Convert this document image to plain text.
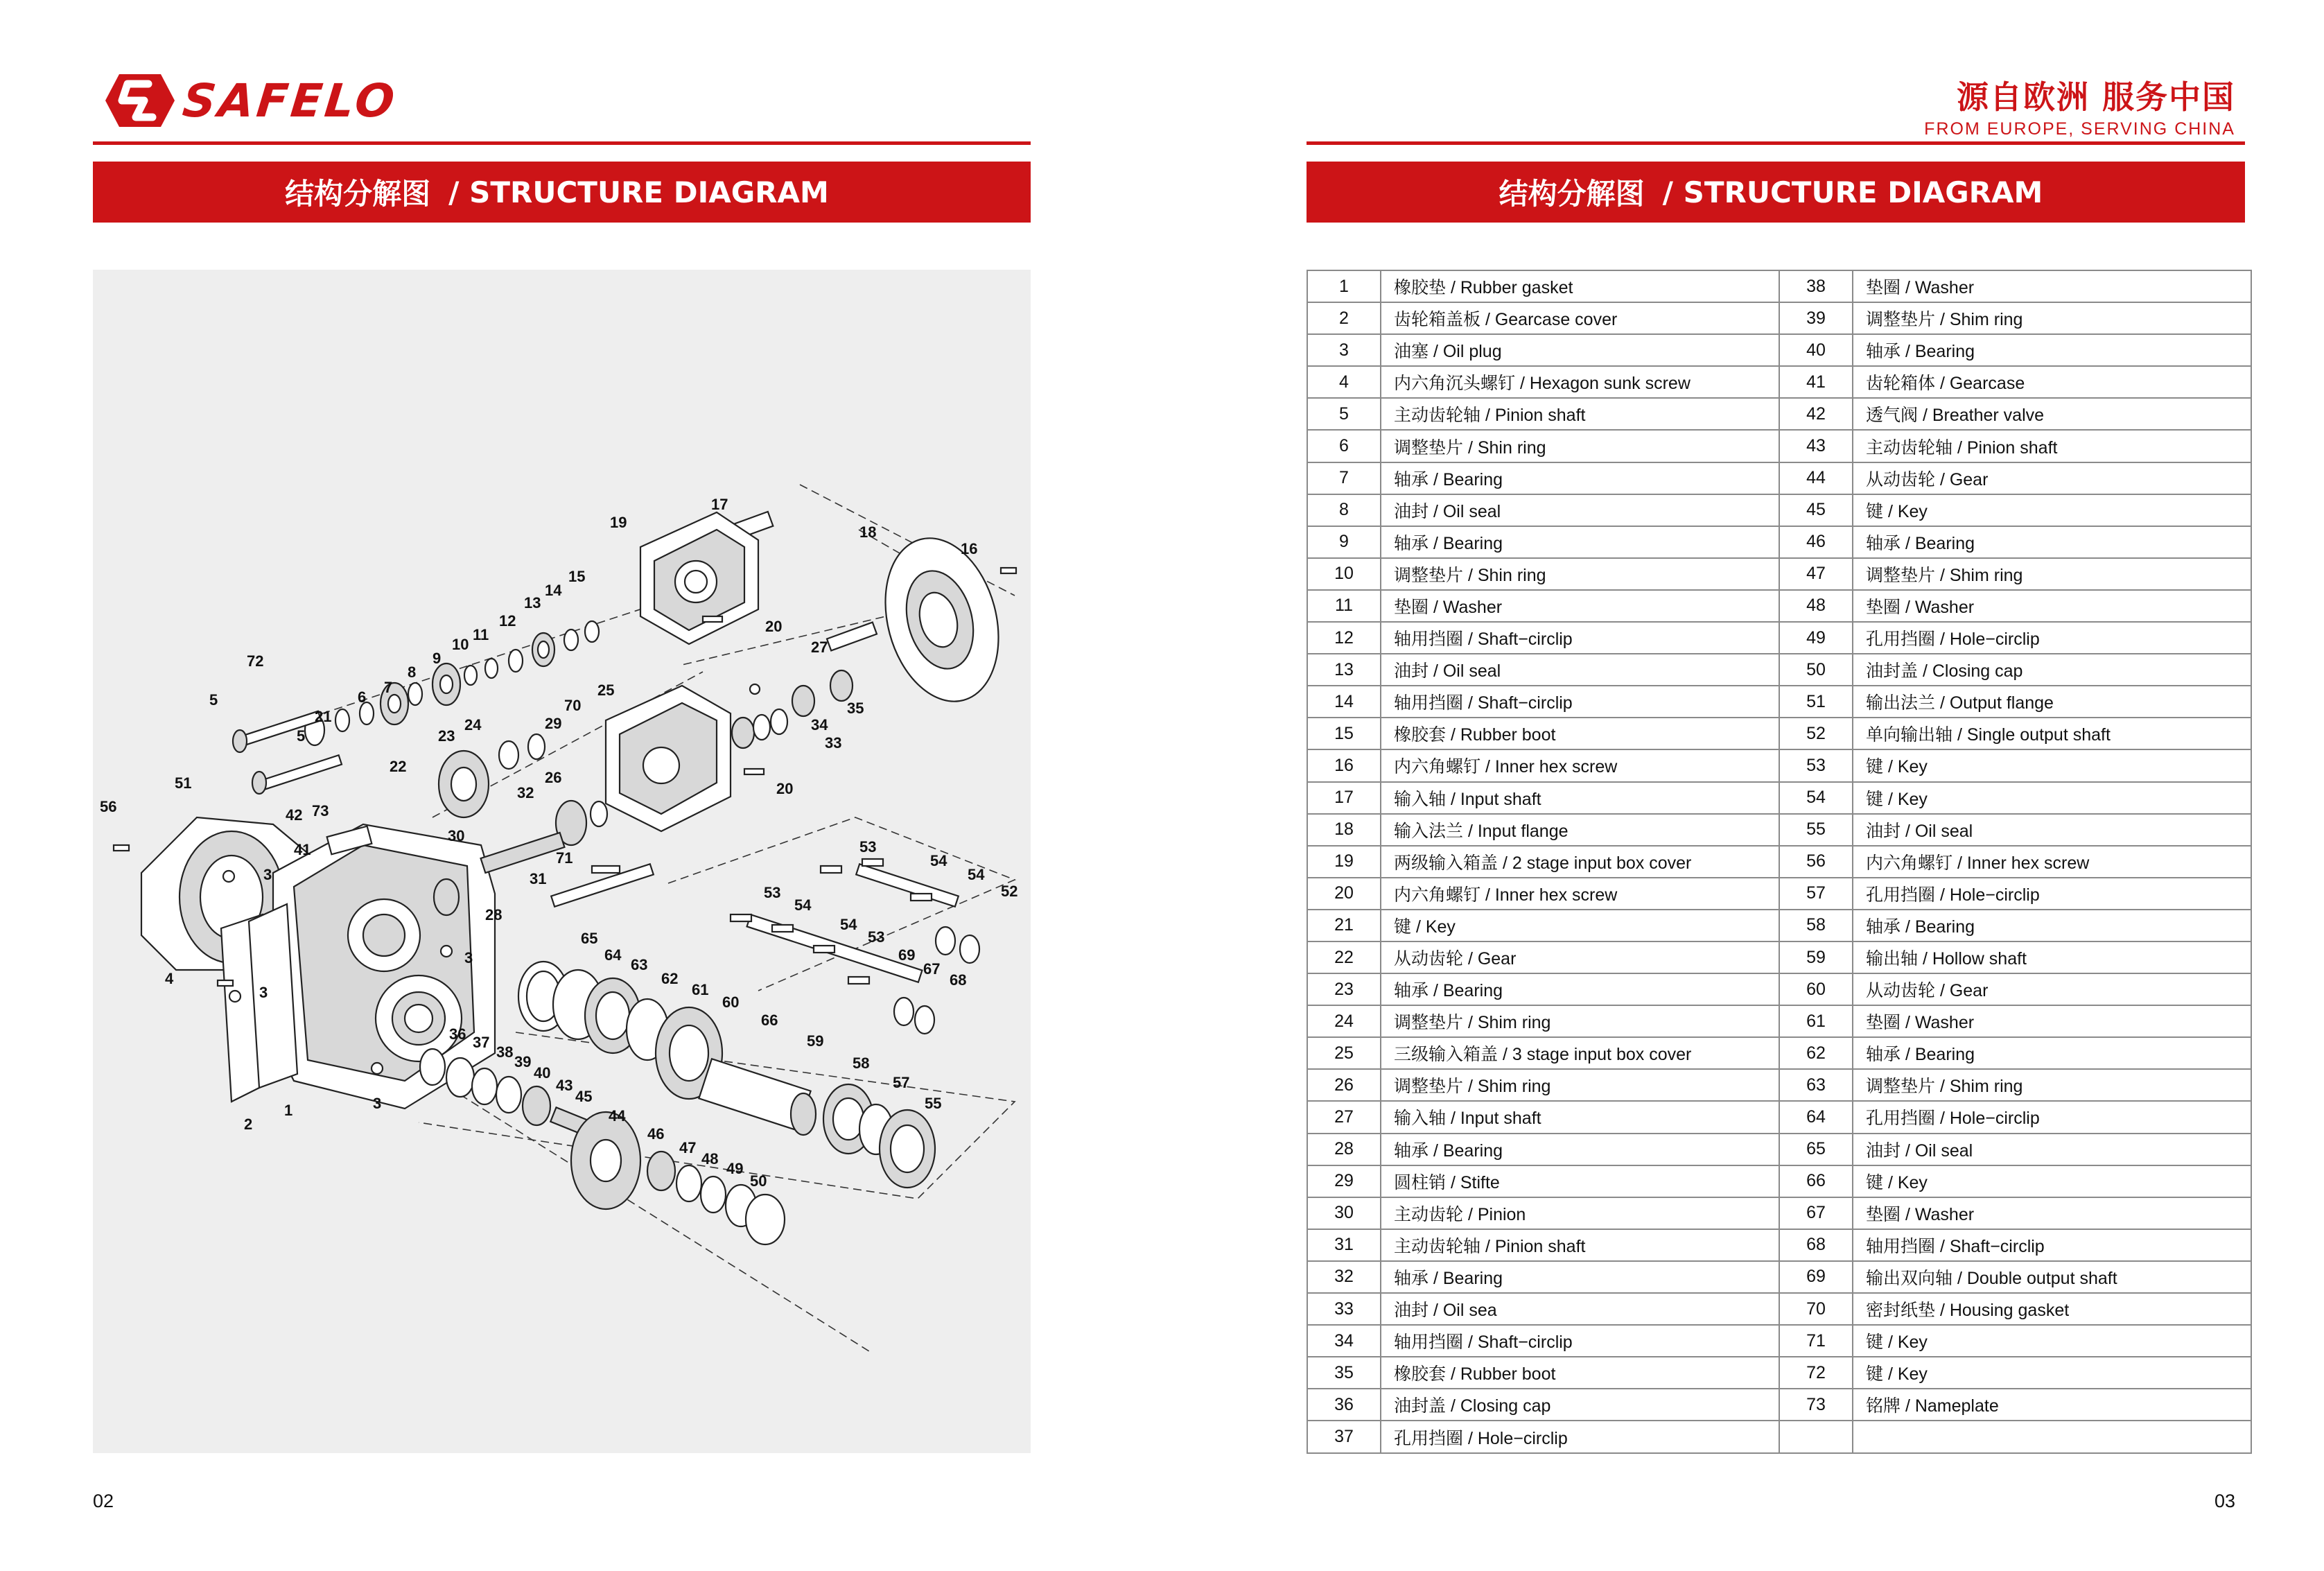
SAFELO
结构分解图 / STRUCTURE DIAGRAM
1
2
3
3
3
3
4
5
5
6
7
8
9
10
11
12
13
14
15
16
17
18
19
20
20
21
22
23
24
25
26
27
28
29
30
31
32
33
34
35
36 37
38
39
40
41
42
43
44
45
46
47
48
49
50
51
52
53
53
53
54
54
54
54
55
56
57
58
59
60
61
62
63
64
65
66
67
68
69
70
71
72
73
02
源自欧洲 服务中国
FROM EUROPE, SERVING CHINA
结构分解图 / STRUCTURE DIAGRAM
1	橡胶垫 / Rubber gasket	38	垫圈 / Washer
2	齿轮箱盖板 / Gearcase cover	39	调整垫片 / Shim ring
3	油塞 / Oil plug	40	轴承 / Bearing
4	内六角沉头螺钉 / Hexagon sunk screw	41	齿轮箱体 / Gearcase
5	主动齿轮轴 / Pinion shaft	42	透气阀 / Breather valve
6	调整垫片 / Shin ring	43	主动齿轮轴 / Pinion shaft
7	轴承 / Bearing	44	从动齿轮 / Gear
8	油封 / Oil seal	45	键 / Key
9	轴承 / Bearing	46	轴承 / Bearing
10	调整垫片 / Shin ring	47	调整垫片 / Shim ring
11	垫圈 / Washer	48	垫圈 / Washer
12	轴用挡圈 / Shaft−circlip	49	孔用挡圈 / Hole−circlip
13	油封 / Oil seal	50	油封盖 / Closing cap
14	轴用挡圈 / Shaft−circlip	51	输出法兰 / Output flange
15	橡胶套 / Rubber boot	52	单向输出轴 / Single output shaft
16	内六角螺钉 / Inner hex screw	53	键 / Key
17	输入轴 / Input shaft	54	键 / Key
18	输入法兰 / Input flange	55	油封 / Oil seal
19	两级输入箱盖 / 2 stage input box cover	56	内六角螺钉 / Inner hex screw
20	内六角螺钉 / Inner hex screw	57	孔用挡圈 / Hole−circlip
21	键 / Key	58	轴承 / Bearing
22	从动齿轮 / Gear	59	输出轴 / Hollow shaft
23	轴承 / Bearing	60	从动齿轮 / Gear
24	调整垫片 / Shim ring	61	垫圈 / Washer
25	三级输入箱盖 / 3 stage input box cover	62	轴承 / Bearing
26	调整垫片 / Shim ring	63	调整垫片 / Shim ring
27	输入轴 / Input shaft	64	孔用挡圈 / Hole−circlip
28	轴承 / Bearing	65	油封 / Oil seal
29	圆柱销 / Stifte	66	键 / Key
30	主动齿轮 / Pinion	67	垫圈 / Washer
31	主动齿轮轴 / Pinion shaft	68	轴用挡圈 / Shaft−circlip
32	轴承 / Bearing	69	输出双向轴 / Double output shaft
33	油封 / Oil sea	70	密封纸垫 / Housing gasket
34	轴用挡圈 / Shaft−circlip	71	键 / Key
35	橡胶套 / Rubber boot	72	键 / Key
36	油封盖 / Closing cap	73	铭牌 / Nameplate
37	孔用挡圈 / Hole−circlip		
03
